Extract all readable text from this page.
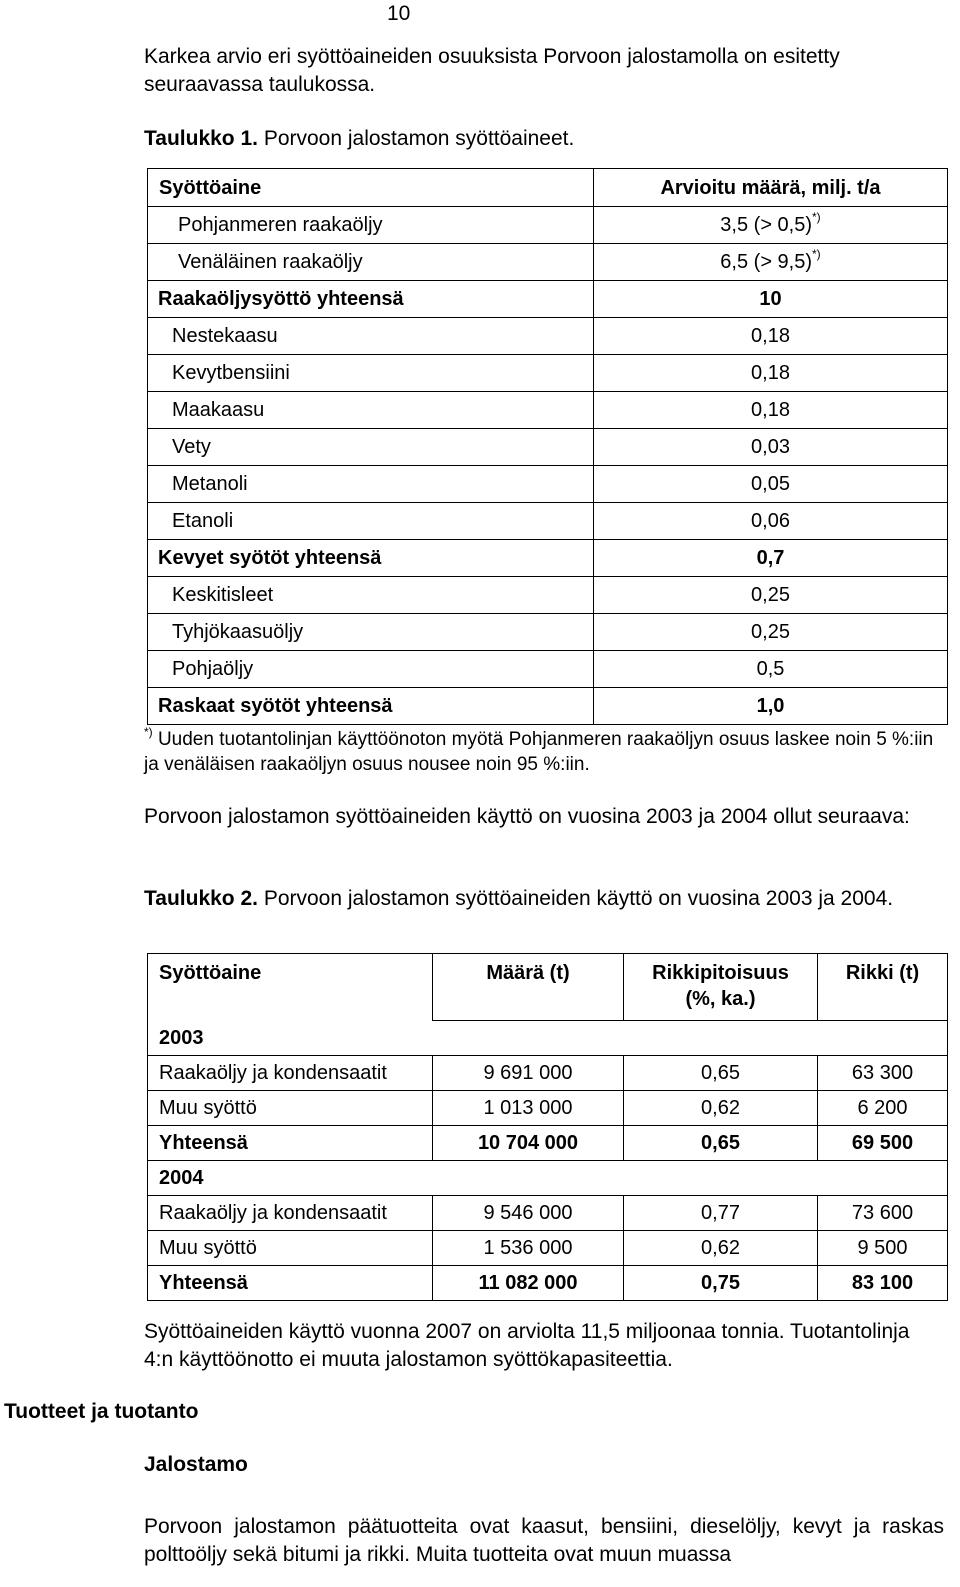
10
Karkea arvio eri syöttöaineiden osuuksista Porvoon jalostamolla on esitetty seuraavassa taulukossa.
Taulukko 1. Porvoon jalostamon syöttöaineet.
Syöttöaine	Arvioitu määrä, milj. t/a
Pohjanmeren raakaöljy	3,5 (> 0,5)*)
Venäläinen raakaöljy	6,5 (> 9,5)*)
Raakaöljysyöttö yhteensä	10
Nestekaasu	0,18
Kevytbensiini	0,18
Maakaasu	0,18
Vety	0,03
Metanoli	0,05
Etanoli	0,06
Kevyet syötöt yhteensä	0,7
Keskitisleet	0,25
Tyhjökaasuöljy	0,25
Pohjaöljy	0,5
Raskaat syötöt yhteensä	1,0
*) Uuden tuotantolinjan käyttöönoton myötä Pohjanmeren raakaöljyn osuus laskee noin 5 %:iin ja venäläisen raakaöljyn osuus nousee noin 95 %:iin.
Porvoon jalostamon syöttöaineiden käyttö on vuosina 2003 ja 2004 ollut seuraava:
Taulukko 2. Porvoon jalostamon syöttöaineiden käyttö on vuosina 2003 ja 2004.
Syöttöaine	Määrä (t)	Rikkipitoisuus (%, ka.)	Rikki (t)
2003			
Raakaöljy ja kondensaatit	9 691 000	0,65	63 300
Muu syöttö	1 013 000	0,62	6 200
Yhteensä	10 704 000	0,65	69 500
2004			
Raakaöljy ja kondensaatit	9 546 000	0,77	73 600
Muu syöttö	1 536 000	0,62	9 500
Yhteensä	11 082 000	0,75	83 100
Syöttöaineiden käyttö vuonna 2007 on arviolta 11,5 miljoonaa tonnia. Tuotantolinja 4:n käyttöönotto ei muuta jalostamon syöttökapasiteettia.
Tuotteet ja tuotanto
Jalostamo
Porvoon jalostamon päätuotteita ovat kaasut, bensiini, dieselöljy, kevyt ja raskas polttoöljy sekä bitumi ja rikki. Muita tuotteita ovat muun muassa
